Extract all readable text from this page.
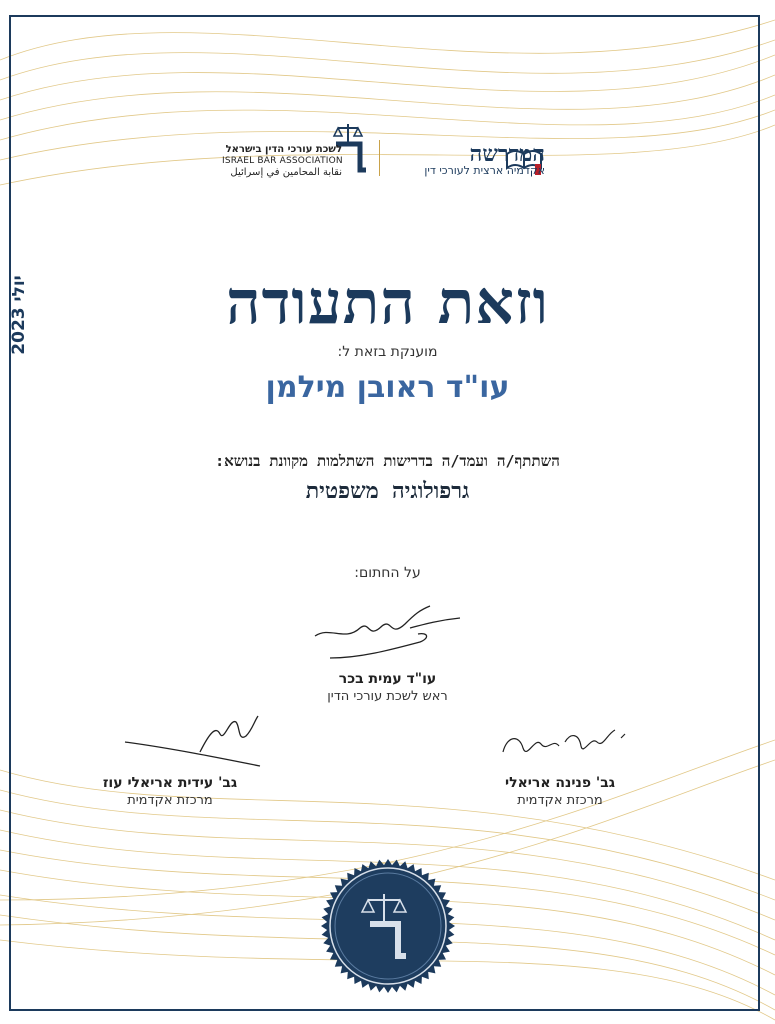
יולי 2023
המדרשה
אקדמיה ארצית לעורכי דין
לשכת עורכי הדין בישראל
ISRAEL BAR ASSOCIATION
نقابة المحامين في إسرائيل
וזאת התעודה
מוענקת בזאת ל:
עו"ד ראובן מילמן
השתתף/ה ועמד/ה בדרישות השתלמות מקוונת בנושא:
גרפולוגיה משפטית
על החתום:
עו"ד עמית בכר
ראש לשכת עורכי הדין
גב' עידית אריאלי עוז
מרכזת אקדמית
גב' פנינה אריאלי
מרכזת אקדמית
